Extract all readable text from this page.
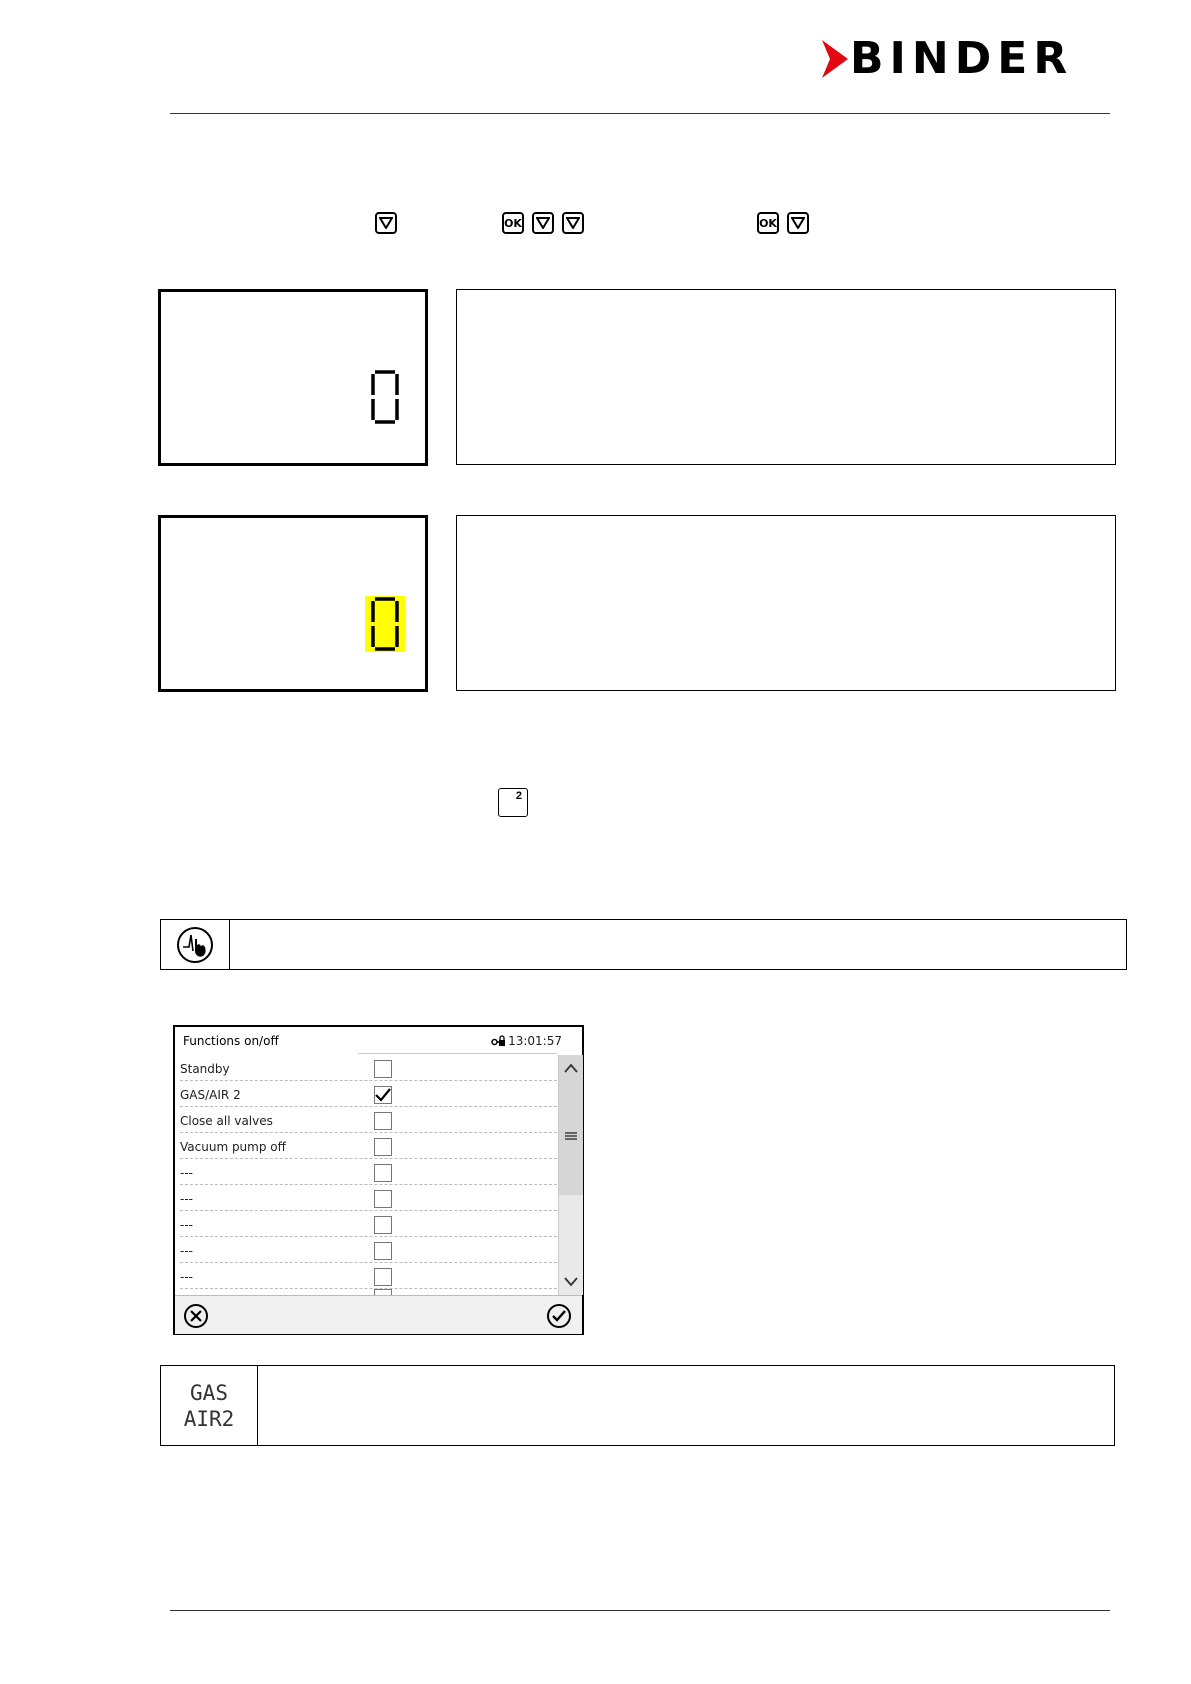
BINDER
OK	OK
2
Functions on/off	13:01:57
Standby
GAS/AIR 2
Close all valves
Vacuum pump off
---
---
---
---
---
GAS
AIR2
